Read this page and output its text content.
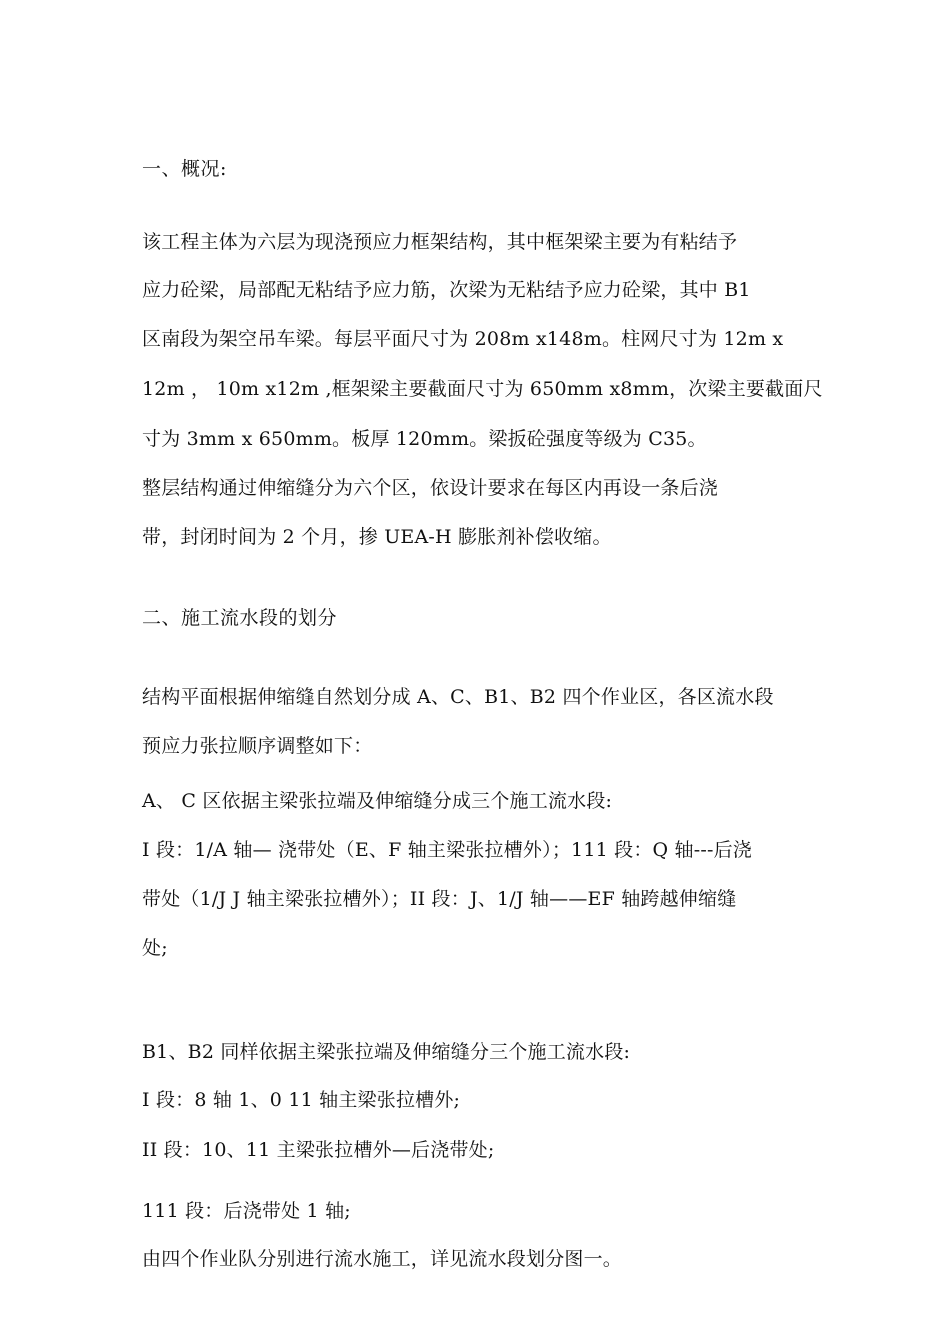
一、概况:
该工程主体为六层为现浇预应力框架结构，其中框架梁主要为有粘结予
应力砼梁，局部配无粘结予应力筋，次梁为无粘结予应力砼梁，其中 B1
区南段为架空吊车梁。每层平面尺寸为 208m x148m。柱网尺寸为 12m x
12m ， 10m x12m ,框架梁主要截面尺寸为 650mm x8mm，次梁主要截面尺
寸为 3mm x 650mm。板厚 120mm。梁扳砼强度等级为 C35。
整层结构通过伸缩缝分为六个区，依设计要求在每区内再设一条后浇
带，封闭时间为 2 个月，掺 UEA-H 膨胀剂补偿收缩。
二、施工流水段的划分
结构平面根据伸缩缝自然划分成 A、C、B1、B2 四个作业区，各区流水段
预应力张拉顺序调整如下：
A、 C 区依据主梁张拉端及伸缩缝分成三个施工流水段:
I 段：1/A 轴— 浇带处（E、F 轴主梁张拉槽外）；111 段：Q 轴---后浇
带处（1/J J 轴主梁张拉槽外）；II 段：J、1/J 轴——EF 轴跨越伸缩缝
处;
B1、B2 同样依据主梁张拉端及伸缩缝分三个施工流水段:
I 段：8 轴 1、0 11 轴主梁张拉槽外;
II 段：10、11 主梁张拉槽外—后浇带处;
111 段：后浇带处 1 轴;
由四个作业队分别进行流水施工，详见流水段划分图一。
